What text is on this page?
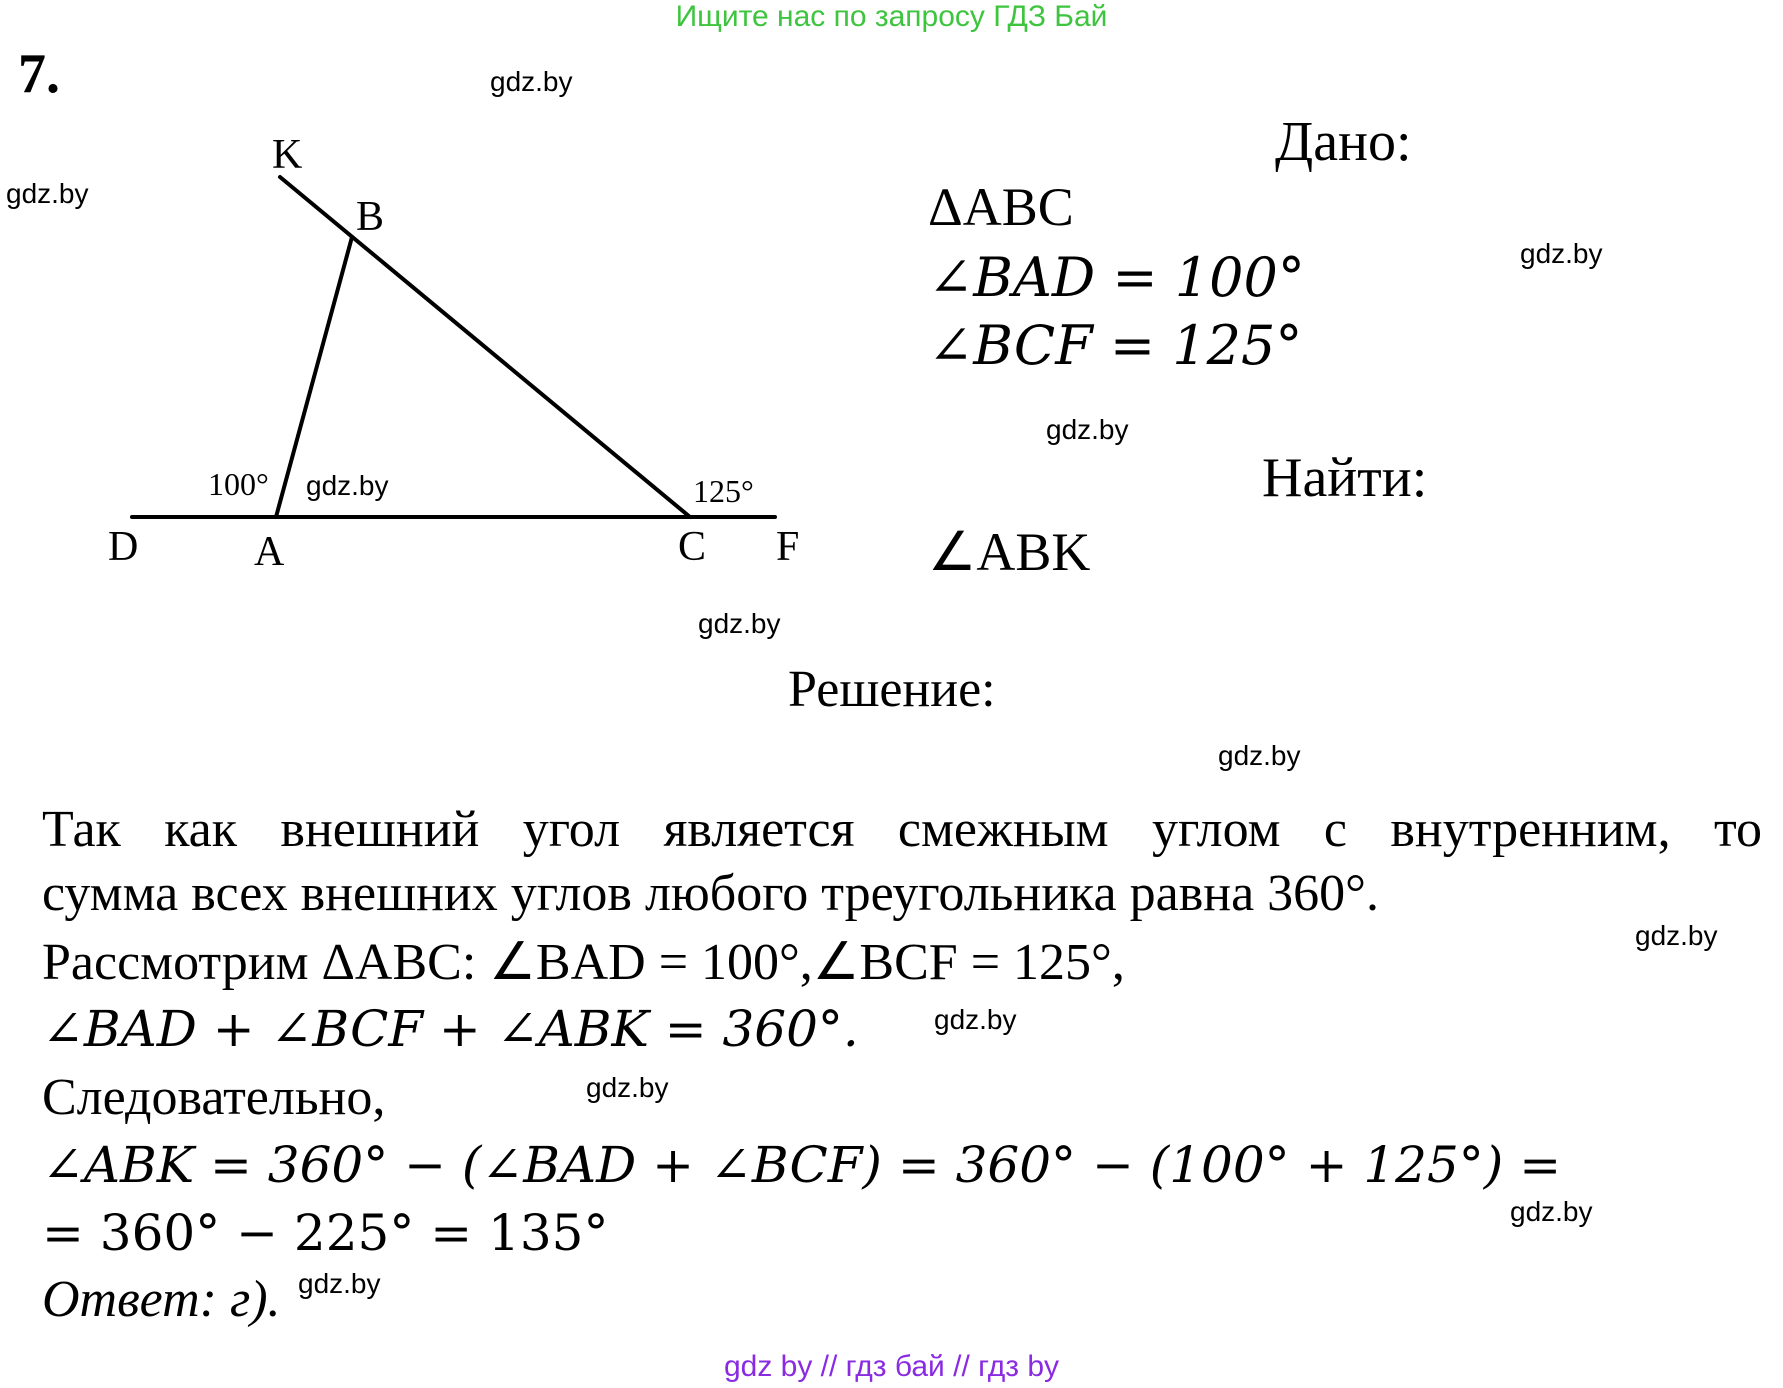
Ищите нас по запросу ГДЗ Бай
7.
K
B
D	A	C F
100°	125°
gdz.by
gdz.by
gdz.by
gdz.by
gdz.by
gdz.by
gdz.by
gdz.by
gdz.by
gdz.by
gdz.by
gdz.by
Дано:
ΔABC
∠BAD = 100°
∠BCF = 125°
Найти:
∠ABK
Решение:
Так как внешний угол является смежным углом с внутренним, то
сумма всех внешних углов любого треугольника равна 360°.
Рассмотрим ΔABC: ∠BAD = 100°,∠BCF = 125°,
∠BAD + ∠BCF + ∠ABK = 360°.
Следовательно,
∠ABK = 360° − (∠BAD + ∠BCF) = 360° − (100° + 125°) =
= 360° − 225° = 135°
Ответ: г).
gdz by // гдз бай // гдз by
